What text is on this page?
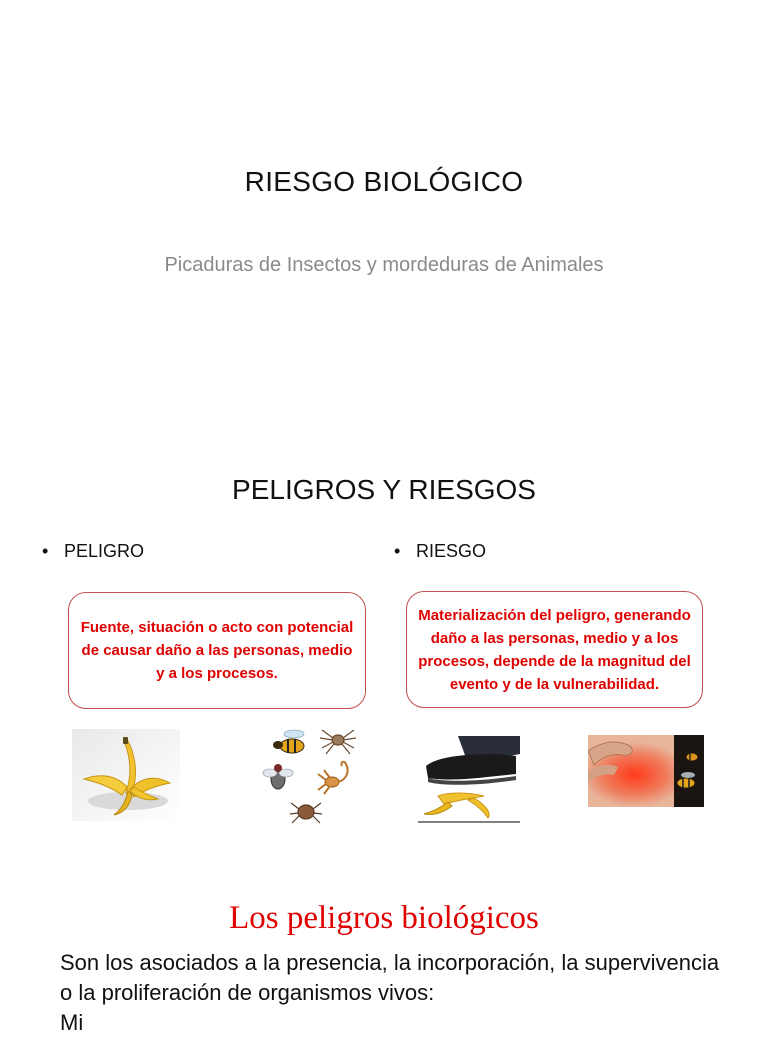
RIESGO BIOLÓGICO
Picaduras de Insectos y mordeduras de Animales
PELIGROS Y RIESGOS
• PELIGRO	• RIESGO
Fuente, situación o acto con potencial de causar daño a las personas, medio y a los procesos.
Materialización del peligro, generando daño a las personas, medio y a los procesos, depende de la magnitud del evento y de la vulnerabilidad.
Los peligros biológicos
Son los asociados a la presencia, la incorporación, la supervivencia o la proliferación de organismos vivos:
Mi
